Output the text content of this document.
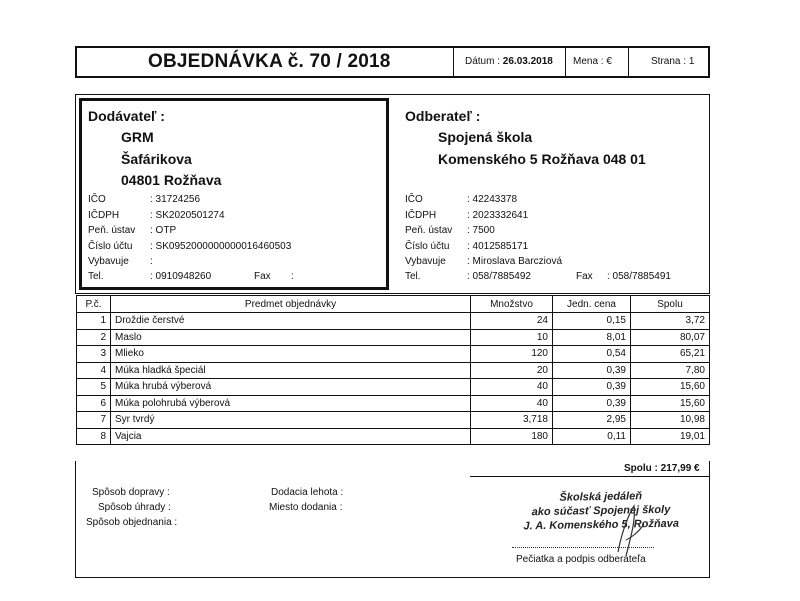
OBJEDNÁVKA č. 70 / 2018	Dátum : 26.03.2018 Mena : €	Strana : 1
Dodávateľ :
GRM
Šafárikova
04801 Rožňava
IČO	: 31724256
IČDPH	: SK2020501274
Peň. ústav : OTP
Číslo účtu : SK0952000000000016460503
Vybavuje :
Tel.	: 0910948260	Fax :
Odberateľ :
Spojená škola
Komenského 5 Rožňava 048 01
IČO	: 42243378
IČDPH	: 2023332641
Peň. ústav : 7500
Číslo účtu : 4012585171
Vybavuje : Miroslava Barcziová
Tel.	: 058/7885492	Fax : 058/7885491
P.č.	Predmet objednávky	Množstvo	Jedn. cena	Spolu
1	Droždie čerstvé	24	0,15	3,72
2	Maslo	10	8,01	80,07
3	Mlieko	120	0,54	65,21
4	Múka hladká špeciál	20	0,39	7,80
5	Múka hrubá výberová	40	0,39	15,60
6	Múka polohrubá výberová	40	0,39	15,60
7	Syr tvrdý	3,718	2,95	10,98
8	Vajcia	180	0,11	19,01
Spolu : 217,99 €
Spôsob dopravy :
Spôsob úhrady :
Spôsob objednania :
Dodacia lehota :
Miesto dodania :
Školská jedáleň
ako súčasť Spojenej školy
J. A. Komenského 5, Rožňava
Pečiatka a podpis odberateľa
